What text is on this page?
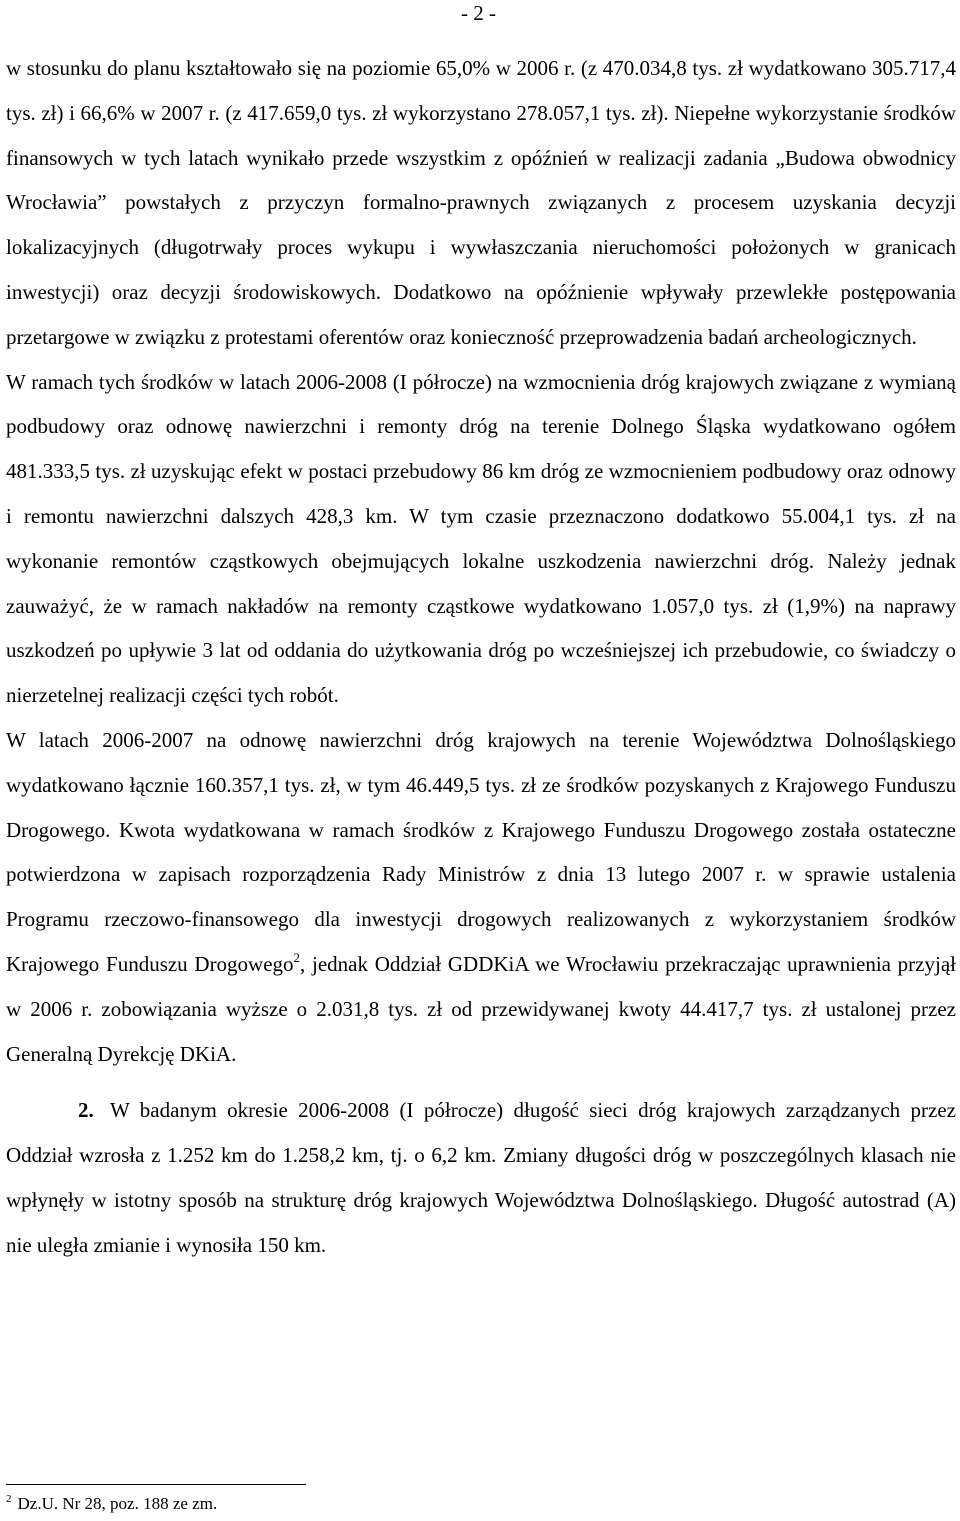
- 2 -

w stosunku do planu kształtowało się na poziomie 65,0% w 2006 r. (z 470.034,8 tys. zł wydatkowano 305.717,4 tys. zł) i 66,6% w 2007 r. (z 417.659,0 tys. zł wykorzystano 278.057,1 tys. zł). Niepełne wykorzystanie środków finansowych w tych latach wynikało przede wszystkim z opóźnień w realizacji zadania „Budowa obwodnicy Wrocławia” powstałych z przyczyn formalno-prawnych związanych z procesem uzyskania decyzji lokalizacyjnych (długotrwały proces wykupu i wywłaszczania nieruchomości położonych w granicach inwestycji) oraz decyzji środowiskowych. Dodatkowo na opóźnienie wpływały przewlekłe postępowania przetargowe w związku z protestami oferentów oraz konieczność przeprowadzenia badań archeologicznych.

W ramach tych środków w latach 2006-2008 (I półrocze) na wzmocnienia dróg krajowych związane z wymianą podbudowy oraz odnowę nawierzchni i remonty dróg na terenie Dolnego Śląska wydatkowano ogółem 481.333,5 tys. zł uzyskując efekt w postaci przebudowy 86 km dróg ze wzmocnieniem podbudowy oraz odnowy i remontu nawierzchni dalszych 428,3 km. W tym czasie przeznaczono dodatkowo 55.004,1 tys. zł na wykonanie remontów cząstkowych obejmujących lokalne uszkodzenia nawierzchni dróg. Należy jednak zauważyć, że w ramach nakładów na remonty cząstkowe wydatkowano 1.057,0 tys. zł (1,9%) na naprawy uszkodzeń po upływie 3 lat od oddania do użytkowania dróg po wcześniejszej ich przebudowie, co świadczy o nierzetelnej realizacji części tych robót.

W latach 2006-2007 na odnowę nawierzchni dróg krajowych na terenie Województwa Dolnośląskiego wydatkowano łącznie 160.357,1 tys. zł, w tym 46.449,5 tys. zł ze środków pozyskanych z Krajowego Funduszu Drogowego. Kwota wydatkowana w ramach środków z Krajowego Funduszu Drogowego została ostateczne potwierdzona w zapisach rozporządzenia Rady Ministrów z dnia 13 lutego 2007 r. w sprawie ustalenia Programu rzeczowo-finansowego dla inwestycji drogowych realizowanych z wykorzystaniem środków Krajowego Funduszu Drogowego$^2$, jednak Oddział GDDKiA we Wrocławiu przekraczając uprawnienia przyjął w 2006 r. zobowiązania wyższe o 2.031,8 tys. zł od przewidywanej kwoty 44.417,7 tys. zł ustalonej przez Generalną Dyrekcję DKiA.

2. W badanym okresie 2006-2008 (I półrocze) długość sieci dróg krajowych zarządzanych przez Oddział wzrosła z 1.252 km do 1.258,2 km, tj. o 6,2 km. Zmiany długości dróg w poszczególnych klasach nie wpłynęły w istotny sposób na strukturę dróg krajowych Województwa Dolnośląskiego. Długość autostrad (A) nie uległa zmianie i wynosiła 150 km.

$^2$ Dz.U. Nr 28, poz. 188 ze zm.
